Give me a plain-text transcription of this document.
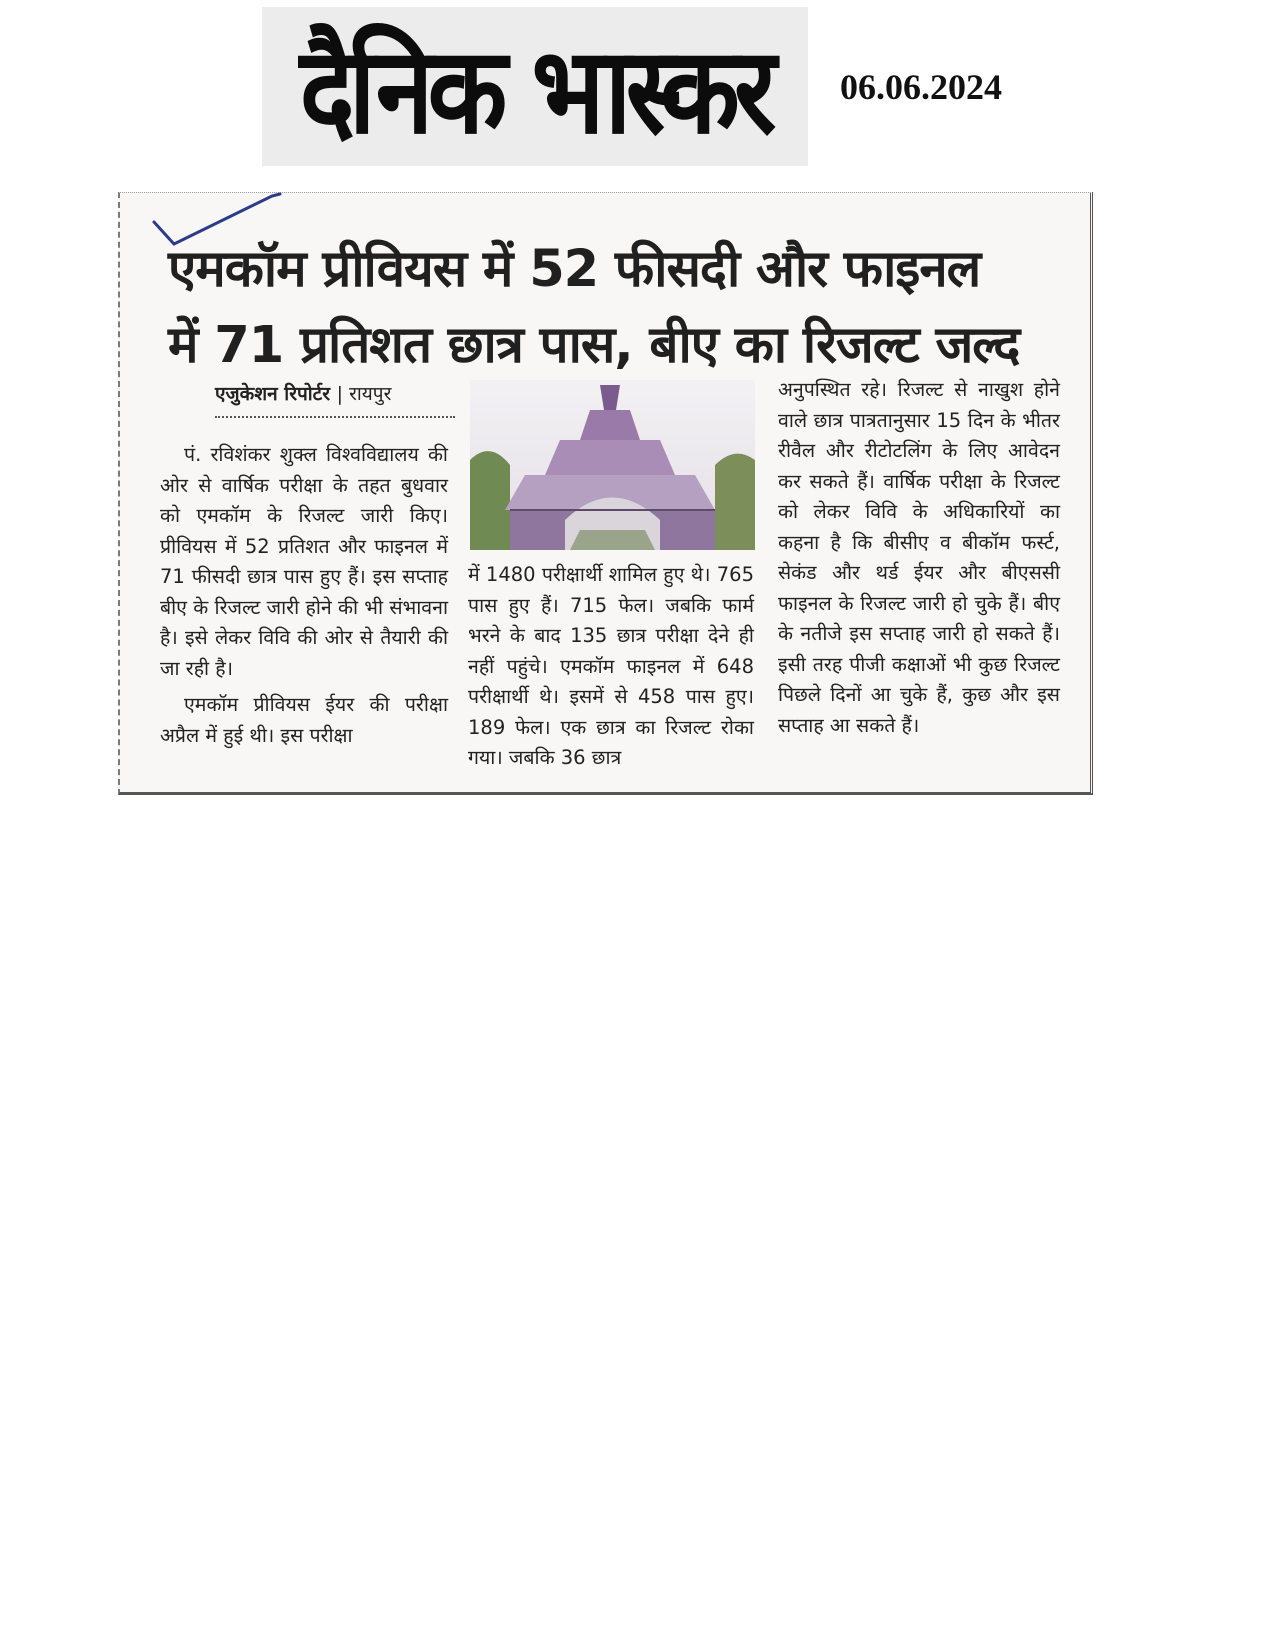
दैनिक भास्कर 06.06.2024
एमकॉम प्रीवियस में 52 फीसदी और फाइनल
में 71 प्रतिशत छात्र पास, बीए का रिजल्ट जल्द
एजुकेशन रिपोर्टर | रायपुर

पं. रविशंकर शुक्ल विश्वविद्यालय की ओर से वार्षिक परीक्षा के तहत बुधवार को एमकॉम के रिजल्ट जारी किए। प्रीवियस में 52 प्रतिशत और फाइनल में 71 फीसदी छात्र पास हुए हैं। इस सप्ताह बीए के रिजल्ट जारी होने की भी संभावना है। इसे लेकर विवि की ओर से तैयारी की जा रही है।

एमकॉम प्रीवियस ईयर की परीक्षा अप्रैल में हुई थी। इस परीक्षा

में 1480 परीक्षार्थी शामिल हुए थे। 765 पास हुए हैं। 715 फेल। जबकि फार्म भरने के बाद 135 छात्र परीक्षा देने ही नहीं पहुंचे। एमकॉम फाइनल में 648 परीक्षार्थी थे। इसमें से 458 पास हुए। 189 फेल। एक छात्र का रिजल्ट रोका गया। जबकि 36 छात्र

अनुपस्थित रहे। रिजल्ट से नाखुश होने वाले छात्र पात्रतानुसार 15 दिन के भीतर रीवैल और रीटोटलिंग के लिए आवेदन कर सकते हैं। वार्षिक परीक्षा के रिजल्ट को लेकर विवि के अधिकारियों का कहना है कि बीसीए व बीकॉम फर्स्ट, सेकंड और थर्ड ईयर और बीएससी फाइनल के रिजल्ट जारी हो चुके हैं। बीए के नतीजे इस सप्ताह जारी हो सकते हैं। इसी तरह पीजी कक्षाओं भी कुछ रिजल्ट पिछले दिनों आ चुके हैं, कुछ और इस सप्ताह आ सकते हैं।
